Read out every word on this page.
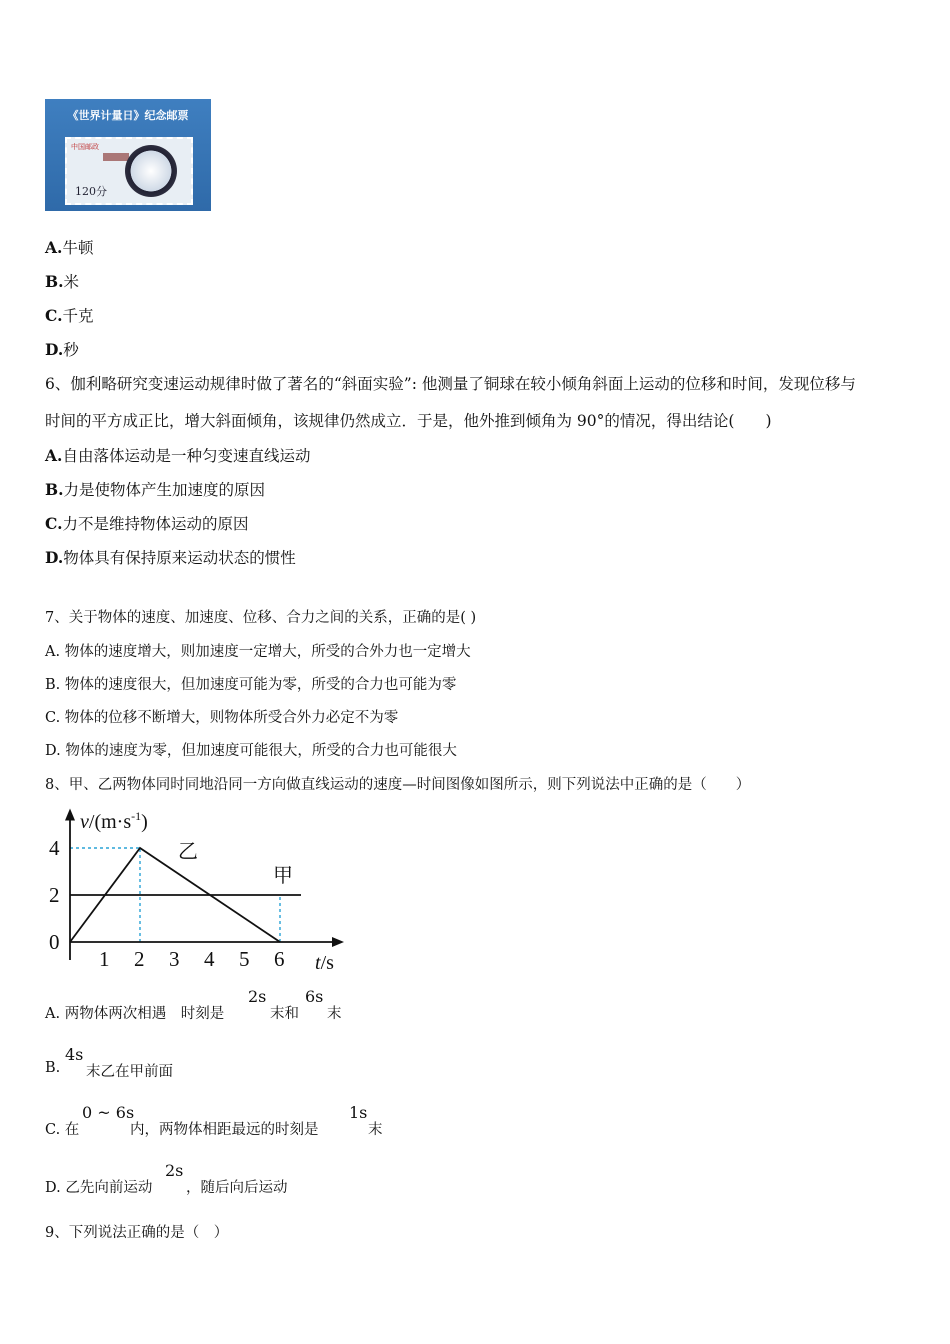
《世界计量日》纪念邮票
中国邮政
120分
A.牛顿
B.米
C.千克
D.秒
6、伽利略研究变速运动规律时做了著名的“斜面实验”: 他测量了铜球在较小倾角斜面上运动的位移和时间，发现位移与
时间的平方成正比，增大斜面倾角，该规律仍然成立．于是，他外推到倾角为 90°的情况，得出结论(　　)
A.自由落体运动是一种匀变速直线运动
B.力是使物体产生加速度的原因
C.力不是维持物体运动的原因
D.物体具有保持原来运动状态的惯性
7、关于物体的速度、加速度、位移、合力之间的关系，正确的是( )
A. 物体的速度增大，则加速度一定增大，所受的合外力也一定增大
B. 物体的速度很大，但加速度可能为零，所受的合力也可能为零
C. 物体的位移不断增大，则物体所受合外力必定不为零
D. 物体的速度为零，但加速度可能很大，所受的合力也可能很大
8、甲、乙两物体同时同地沿同一方向做直线运动的速度—时间图像如图所示，则下列说法中正确的是（　　）
乙
甲
1 2 3 4 5 6
0
2
4
$v/(m\cdot s^{-1})$
t/s
A. 两物体两次相遇　时刻是
2s
末和
6s
末
B.
4s
末乙在甲前面
C. 在
0 ~ 6s
内，两物体相距最远的时刻是
1s
末
D. 乙先向前运动
2s
，随后向后运动
9、下列说法正确的是（　）
